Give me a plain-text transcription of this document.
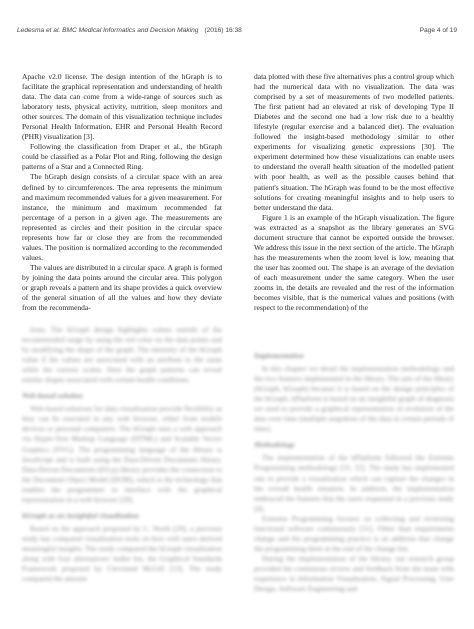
Ledesma et al. BMC Medical Informatics and Decision Making (2016) 16:38	Page 4 of 19

Apache v2.0 license. The design intention of the hGraph is to facilitate the graphical representation and understanding of health data. The data can come from a wide-range of sources such as laboratory tests, physical activity, nutrition, sleep monitors and other sources. The domain of this visualization technique includes Personal Health Information, EHR and Personal Health Record (PHR) visualization [3].

Following the classification from Draper et al., the hGraph could be classified as a Polar Plot and Ring, following the design patterns of a Star and a Connected Ring.

The hGraph design consists of a circular space with an area defined by to circumferences. The area represents the minimum and maximum recommended values for a given measurement. For instance, the minimum and maximum recommended fat percentage of a person in a given age. The measurements are represented as circles and their position in the circular space represents how far or close they are from the recommended values. The position is normalized according to the recommended values.

The values are distributed in a circular space. A graph is formed by joining the data points around the circular area. This polygon or graph reveals a pattern and its shape provides a quick overview of the general situation of all the values and how they deviate from the recommenda-

tions. The hGraph design highlights values outside of the recommended range by using the red color on the data points and by modifying the shape of the graph. The intensity of the hGraph value if the values are associated with an attribute to the same while the various scales. Here the graph patterns can reveal similar shapes associated with certain health conditions.

Web-based solution

Web-based solutions for data visualization provide flexibility as they can be executed in any web browser, either from mobile devices or personal computers. The hGraph uses a web approach via Hyper-Text Markup Language (HTML) and Scalable Vector Graphics (SVG). The programming language of the library is JavaScript and is built using the Data-Driven Documents library. Data-Driven Documents (D3.js) library provides the connection to the Document Object Model (DOM), which is the technology that enables the programmer to interface with the graphical representation in a web browser [28].

hGraph as an insightful visualization

Based on the approach proposed by C. North [29], a previous study has compared visualization tools on how well users derived meaningful insights. The study compared the hGraph visualization along with four alternatives: bullet list, the Graphical Standards Framework proposed by Cleveland McGill [13]. The study compared the amount

data plotted with these five alternatives plus a control group which had the numerical data with no visualization. The data was comprised by a set of measurements of two modelled patients. The first patient had an elevated at risk of developing Type II Diabetes and the second one had a low risk due to a healthy lifestyle (regular exercise and a balanced diet). The evaluation followed the insight-based methodology similar to other experiments for visualizing genetic expressions [30]. The experiment determined how these visualizations can enable users to understand the overall health situation of the modelled patient with poor health, as well as the possible causes behind that patient's situation. The hGraph was found to be the most effective solutions for creating meaningful insights and to help users to better understand the data.

Figure 1 is an example of the hGraph visualization. The figure was extracted as a snapshot as the library generates an SVG document structure that cannot be exported outside the browser. We address this issue in the next section of the article. The hGraph has the measurements when the zoom level is low, meaning that the user has zoomed out. The shape is an average of the deviation of each measurement under the same category. When the user zooms in, the details are revealed and the rest of the information becomes visible, that is the numerical values and positions (with respect to the recommendation) of the

Implementation

In this chapter we detail the implementation methodology and the two features implemented in the library. The aim of the library (hGraph, hGraph) because it is based on the design principles of the hGraph. hPlatform is based on an insightful graph of diagnosis we used to provide a graphical representation of evolution of the data over time (multiple snapshots of the data in certain periods of time).

Methodology

The implementation of the hPlatform followed the Extreme Programming methodology [31, 32]. The study has implemented one to provide a visualization which can capture the changes in the overall health situation. In addition, the implementation embraced the features that the users requested in a previous study [4].

Extreme Programming focuses on collecting and reviewing functional software continuously [31]. Other than requirements change and the programming practice is an addition that change the programming them at the end of the change list.

During the implementation of the library, our research group provided the continuous review and feedback from the team with experience in Information Visualization, Signal Processing, User Design, Software Engineering and
